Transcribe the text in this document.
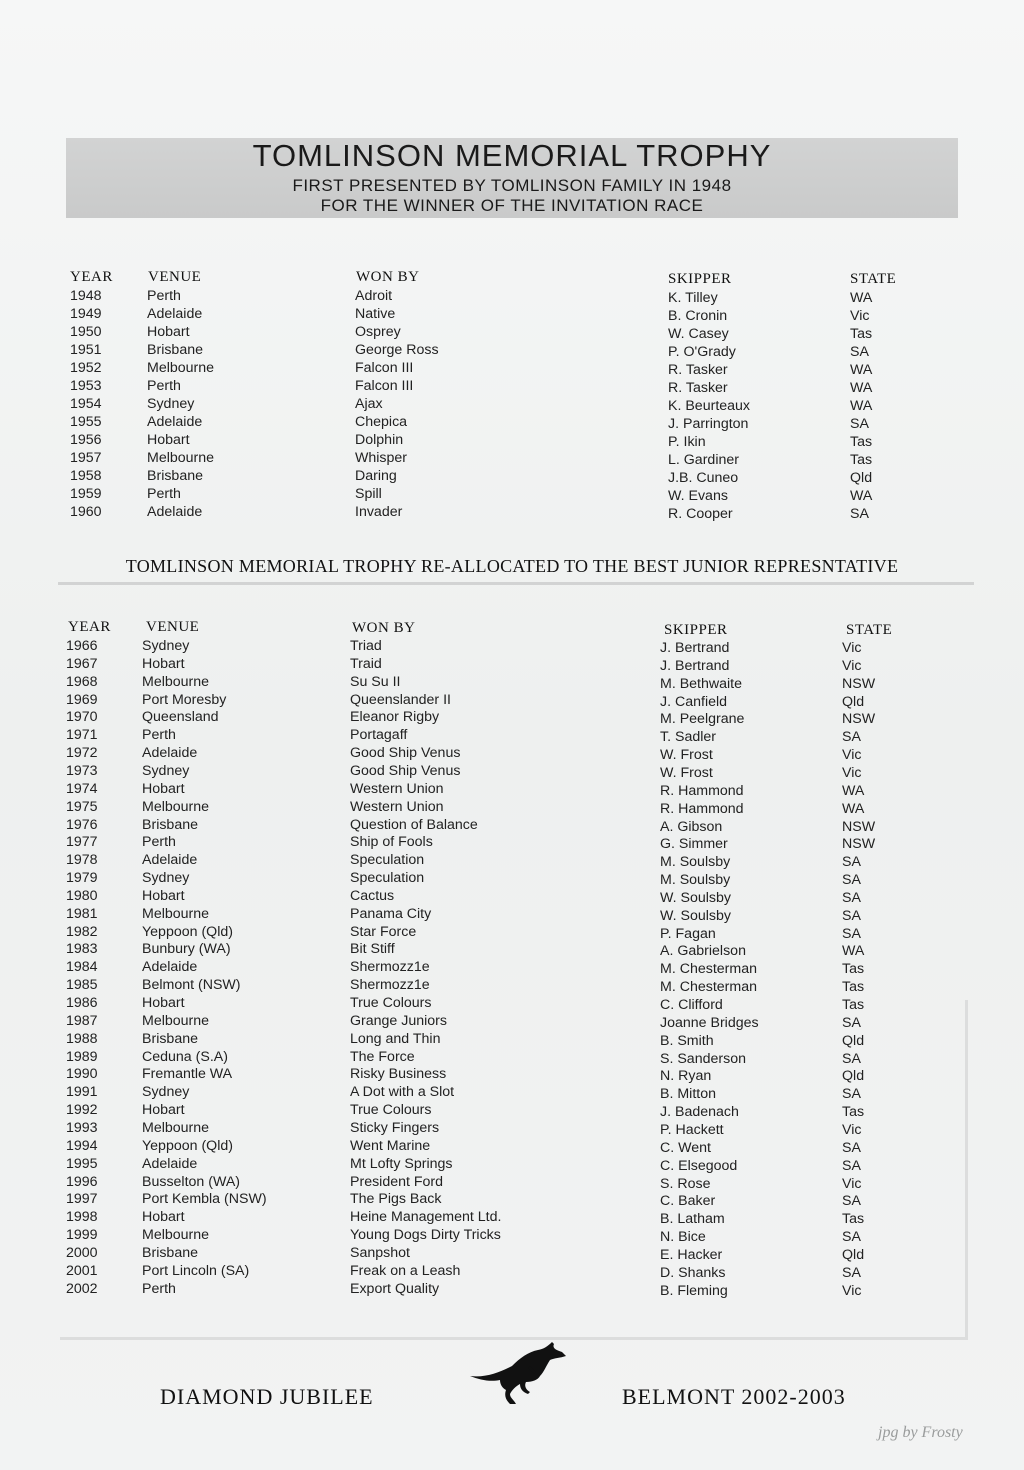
TOMLINSON MEMORIAL TROPHY
FIRST PRESENTED BY TOMLINSON FAMILY IN 1948
FOR THE WINNER OF THE INVITATION RACE
YEAR VENUE	WON BY	SKIPPER	STATE
1948	Perth	Adroit	K. Tilley	WA
1949	Adelaide	Native	B. Cronin	Vic
1950	Hobart	Osprey	W. Casey	Tas
1951	Brisbane	George Ross	P. O'Grady	SA
1952	Melbourne	Falcon III	R. Tasker	WA
1953	Perth	Falcon III	R. Tasker	WA
1954	Sydney	Ajax	K. Beurteaux	WA
1955	Adelaide	Chepica	J. Parrington	SA
1956	Hobart	Dolphin	P. Ikin	Tas
1957	Melbourne	Whisper	L. Gardiner	Tas
1958	Brisbane	Daring	J.B. Cuneo	Qld
1959	Perth	Spill	W. Evans	WA
1960	Adelaide	Invader	R. Cooper	SA
TOMLINSON MEMORIAL TROPHY RE-ALLOCATED TO THE BEST JUNIOR REPRESNTATIVE
YEAR VENUE	WON BY	SKIPPER	STATE
1966	Sydney	Triad	J. Bertrand	Vic
1967	Hobart	Traid	J. Bertrand	Vic
1968	Melbourne	Su Su II	M. Bethwaite	NSW
1969	Port Moresby	Queenslander II	J. Canfield	Qld
1970	Queensland	Eleanor Rigby	M. Peelgrane	NSW
1971	Perth	Portagaff	T. Sadler	SA
1972	Adelaide	Good Ship Venus	W. Frost	Vic
1973	Sydney	Good Ship Venus	W. Frost	Vic
1974	Hobart	Western Union	R. Hammond	WA
1975	Melbourne	Western Union	R. Hammond	WA
1976	Brisbane	Question of Balance	A. Gibson	NSW
1977	Perth	Ship of Fools	G. Simmer	NSW
1978	Adelaide	Speculation	M. Soulsby	SA
1979	Sydney	Speculation	M. Soulsby	SA
1980	Hobart	Cactus	W. Soulsby	SA
1981	Melbourne	Panama City	W. Soulsby	SA
1982	Yeppoon (Qld)	Star Force	P. Fagan	SA
1983	Bunbury (WA)	Bit Stiff	A. Gabrielson	WA
1984	Adelaide	Shermozz1e	M. Chesterman	Tas
1985	Belmont (NSW)	Shermozz1e	M. Chesterman	Tas
1986	Hobart	True Colours	C. Clifford	Tas
1987	Melbourne	Grange Juniors	Joanne Bridges	SA
1988	Brisbane	Long and Thin	B. Smith	Qld
1989	Ceduna (S.A)	The Force	S. Sanderson	SA
1990	Fremantle WA	Risky Business	N. Ryan	Qld
1991	Sydney	A Dot with a Slot	B. Mitton	SA
1992	Hobart	True Colours	J. Badenach	Tas
1993	Melbourne	Sticky Fingers	P. Hackett	Vic
1994	Yeppoon (Qld)	Went Marine	C. Went	SA
1995	Adelaide	Mt Lofty Springs	C. Elsegood	SA
1996	Busselton (WA)	President Ford	S. Rose	Vic
1997	Port Kembla (NSW)	The Pigs Back	C. Baker	SA
1998	Hobart	Heine Management Ltd.	B. Latham	Tas
1999	Melbourne	Young Dogs Dirty Tricks	N. Bice	SA
2000	Brisbane	Sanpshot	E. Hacker	Qld
2001	Port Lincoln (SA)	Freak on a Leash	D. Shanks	SA
2002	Perth	Export Quality	B. Fleming	Vic
DIAMOND JUBILEE	BELMONT 2002-2003
jpg by Frosty
